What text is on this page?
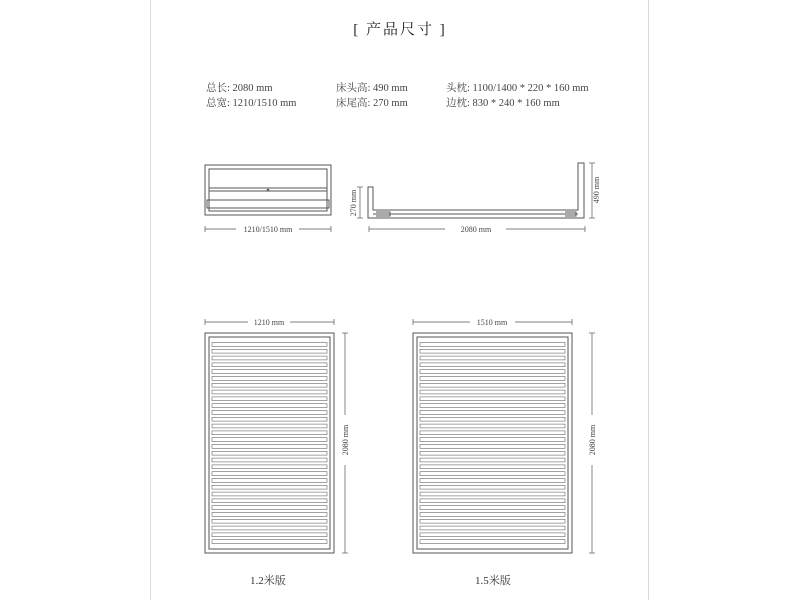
[ 产品尺寸 ]
总长: 2080 mm
总宽: 1210/1510 mm
床头高: 490 mm
床尾高: 270 mm
头枕: 1100/1400 * 220 * 160 mm
边枕: 830 * 240 * 160 mm
1210/1510 mm
270 mm	490 mm
2080 mm
1210 mm
2080 mm
1510 mm
2080 mm
1.2米版	1.5米版
